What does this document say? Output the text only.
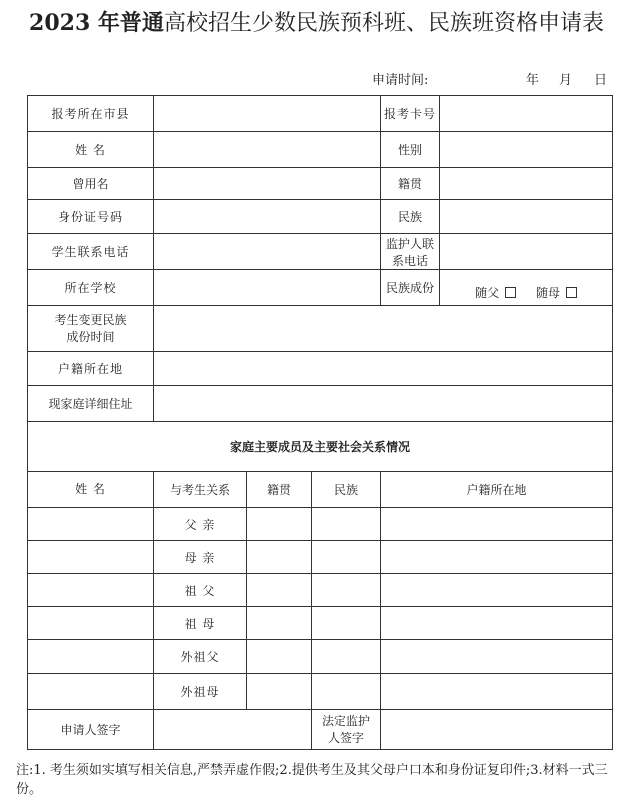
2023 年普通高校招生少数民族预科班、民族班资格申请表
申请时间:	年 月 日
报考所在市县				报考卡号	
姓 名				性别	
曾用名				籍贯	
身份证号码				民族	
学生联系电话				监护人联系电话	
所在学校				民族成份	随父 随母

考生变更民族
成份时间					

户籍所在地					
现家庭详细住址					
家庭主要成员及主要社会关系情况					
姓 名	与考生关系	籍贯	民族	户籍所在地	
	父 亲				
	母 亲				
	祖 父				
	祖 母				
	外祖父				
	外祖母				
申请人签字			法定监护
人签字		

注:1. 考生须如实填写相关信息,严禁弄虚作假;2.提供考生及其父母户口本和身份证复印件;3.材料一式三份。
